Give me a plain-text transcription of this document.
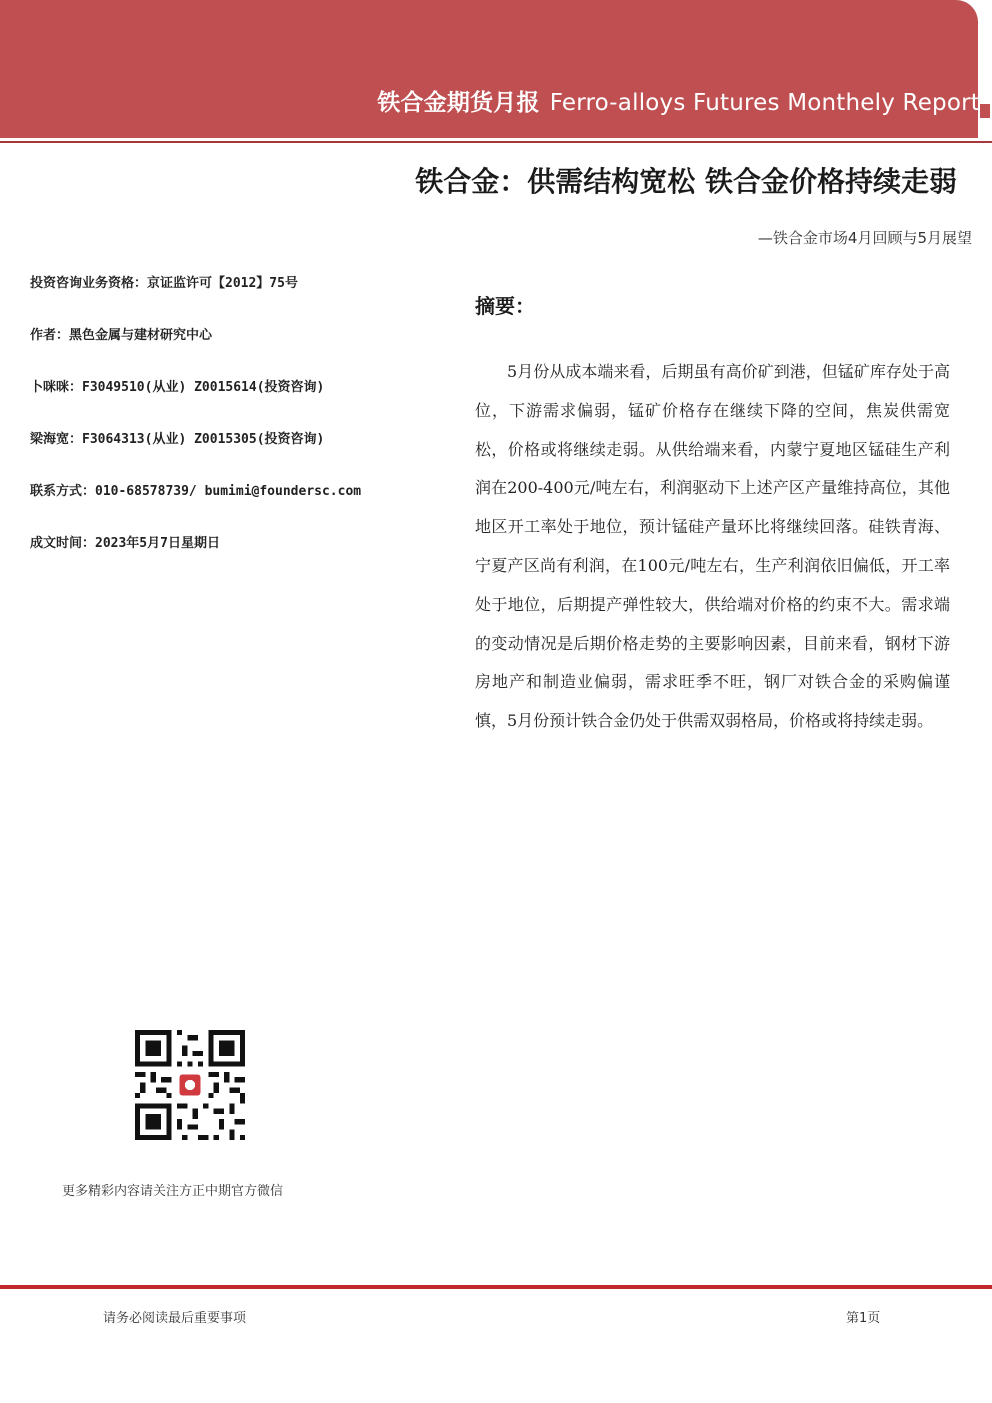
铁合金期货月报 Ferro-alloys Futures Monthely Report
铁合金：供需结构宽松 铁合金价格持续走弱
—铁合金市场4月回顾与5月展望
投资咨询业务资格：京证监许可【2012】75号
作者：黑色金属与建材研究中心
卜咪咪：F3049510(从业) Z0015614(投资咨询)
梁海宽：F3064313(从业) Z0015305(投资咨询)
联系方式：010-68578739/ bumimi@foundersc.com
成文时间：2023年5月7日星期日
摘要：
5月份从成本端来看，后期虽有高价矿到港，但锰矿库存处于高位，下游需求偏弱，锰矿价格存在继续下降的空间，焦炭供需宽松，价格或将继续走弱。从供给端来看，内蒙宁夏地区锰硅生产利润在200-400元/吨左右，利润驱动下上述产区产量维持高位，其他地区开工率处于地位，预计锰硅产量环比将继续回落。硅铁青海、宁夏产区尚有利润，在100元/吨左右，生产利润依旧偏低，开工率处于地位，后期提产弹性较大，供给端对价格的约束不大。需求端的变动情况是后期价格走势的主要影响因素，目前来看，钢材下游房地产和制造业偏弱，需求旺季不旺，钢厂对铁合金的采购偏谨慎，5月份预计铁合金仍处于供需双弱格局，价格或将持续走弱。
更多精彩内容请关注方正中期官方微信
请务必阅读最后重要事项	第1页
